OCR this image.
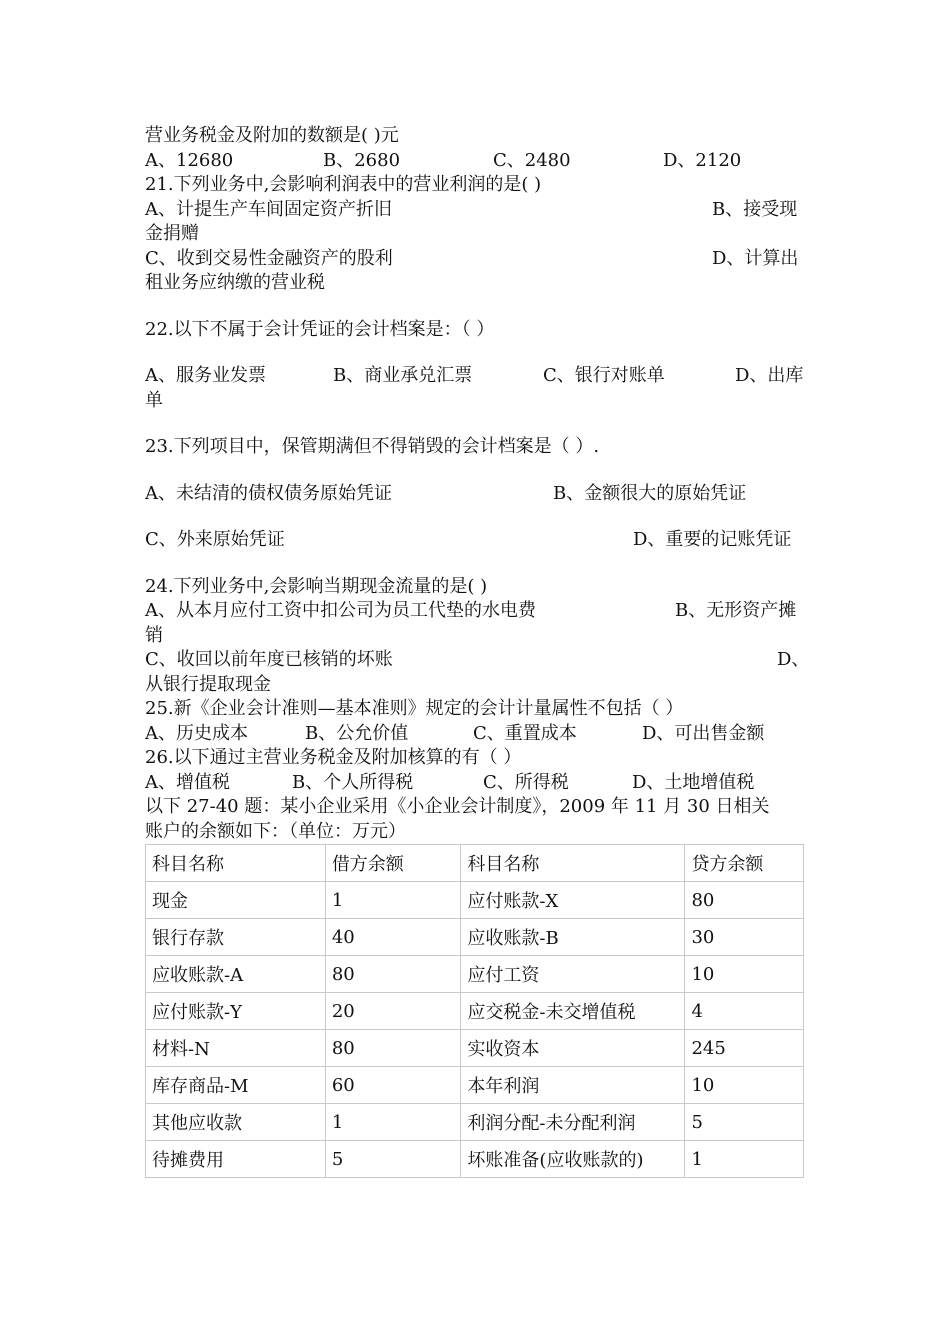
营业务税金及附加的数额是( )元
A、12680	B、2680	C、2480	D、2120
21.下列业务中,会影响利润表中的营业利润的是( )
A、计提生产车间固定资产折旧	B、接受现
金捐赠
C、收到交易性金融资产的股利	D、计算出
租业务应纳缴的营业税
22.以下不属于会计凭证的会计档案是：（ ）
A、服务业发票	B、商业承兑汇票	C、银行对账单	D、出库
单
23.下列项目中，保管期满但不得销毁的会计档案是（ ）.
A、未结清的债权债务原始凭证	B、金额很大的原始凭证
C、外来原始凭证	D、重要的记账凭证
24.下列业务中,会影响当期现金流量的是( )
A、从本月应付工资中扣公司为员工代垫的水电费	B、无形资产摊
销
C、收回以前年度已核销的坏账	D、
从银行提取现金
25.新《企业会计准则—基本准则》规定的会计计量属性不包括（ ）
A、历史成本	B、公允价值	C、重置成本	D、可出售金额
26.以下通过主营业务税金及附加核算的有（ ）
A、增值税	B、个人所得税	C、所得税	D、土地增值税
以下 27-40 题：某小企业采用《小企业会计制度》，2009 年 11 月 30 日相关
账户的余额如下：（单位：万元）
科目名称	借方余额	科目名称	贷方余额
现金	1	应付账款-X	80
银行存款	40	应收账款-B	30
应收账款-A	80	应付工资	10
应付账款-Y	20	应交税金-未交增值税	4
材料-N	80	实收资本	245
库存商品-M	60	本年利润	10
其他应收款	1	利润分配-未分配利润	5
待摊费用	5	坏账准备(应收账款的)	1
